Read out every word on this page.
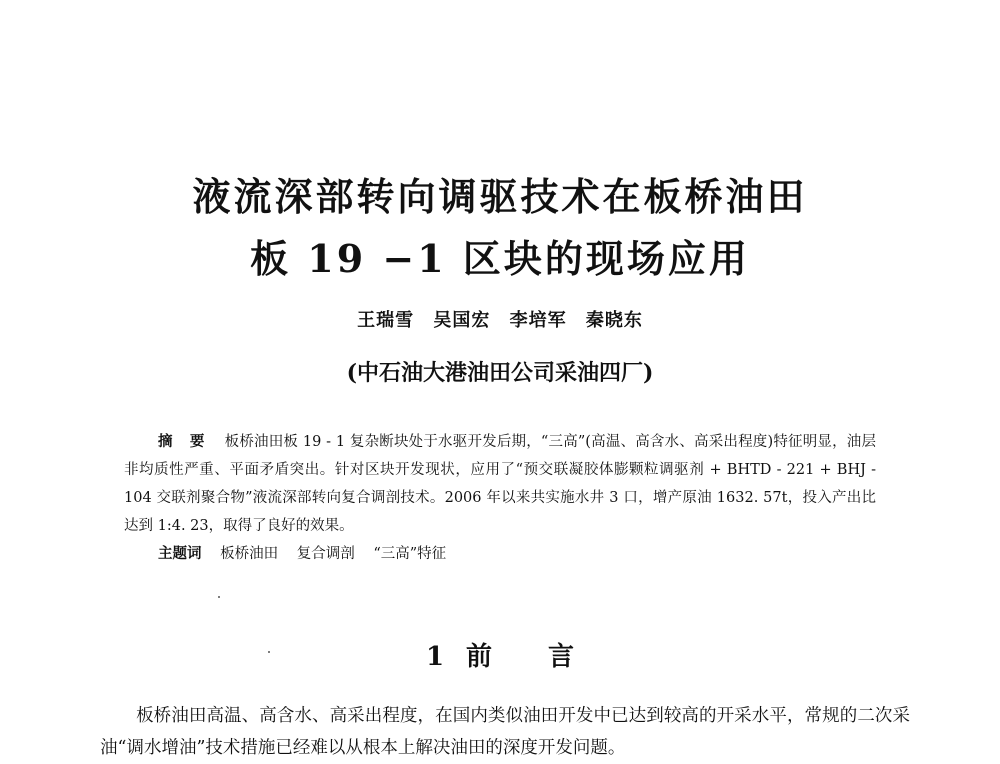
液流深部转向调驱技术在板桥油田
板 19 −1 区块的现场应用
王瑞雪 吴国宏 李培军 秦晓东
(中石油大港油田公司采油四厂)
摘 要 板桥油田板 19 - 1 复杂断块处于水驱开发后期，“三高”(高温、高含水、高采出程度)特征明显，油层非均质性严重、平面矛盾突出。针对区块开发现状，应用了“预交联凝胶体膨颗粒调驱剂 + BHTD - 221 + BHJ - 104 交联剂聚合物”液流深部转向复合调剖技术。2006 年以来共实施水井 3 口，增产原油 1632. 57t，投入产出比达到 1:4. 23，取得了良好的效果。
主题词 板桥油田 复合调剖 “三高”特征
1 前 言
板桥油田高温、高含水、高采出程度，在国内类似油田开发中已达到较高的开采水平，常规的二次采油“调水增油”技术措施已经难以从根本上解决油田的深度开发问题。
